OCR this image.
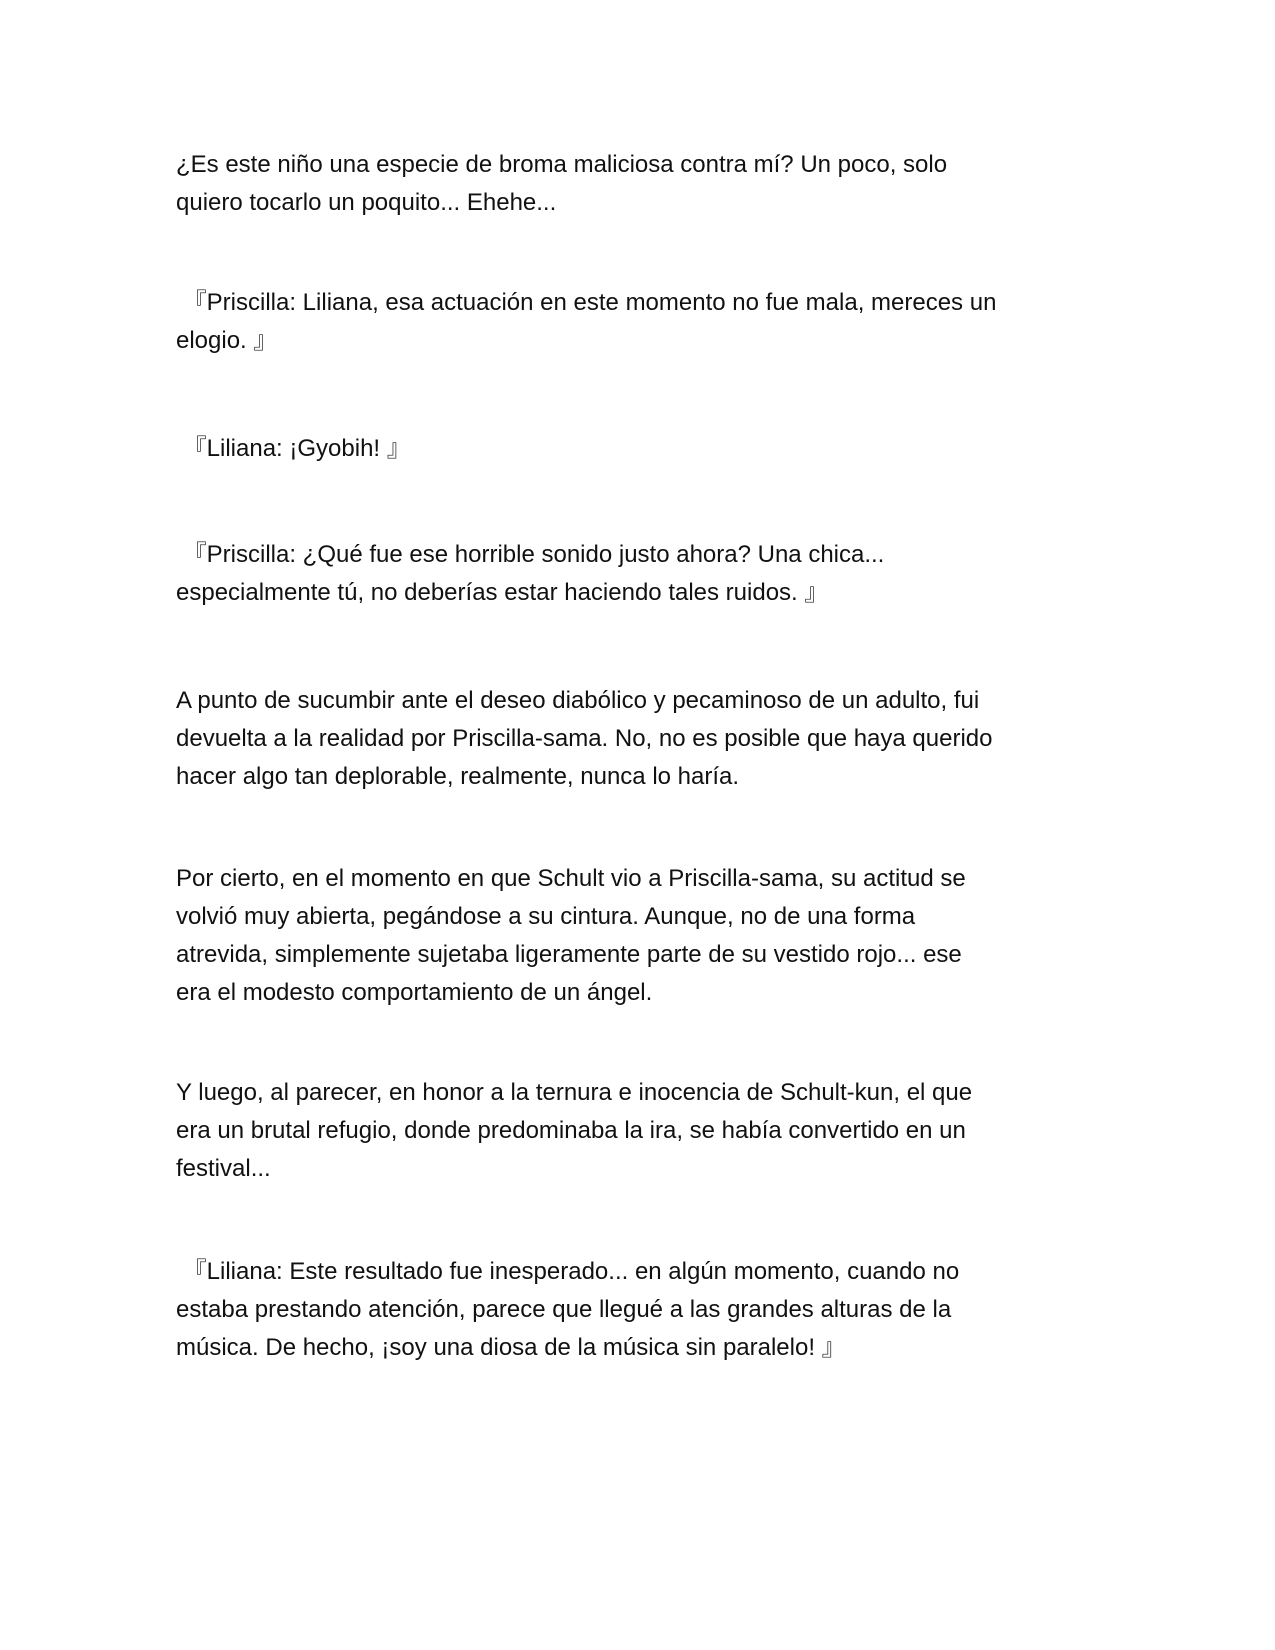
¿Es este niño una especie de broma maliciosa contra mí? Un poco, solo
quiero tocarlo un poquito... Ehehe...

『Priscilla: Liliana, esa actuación en este momento no fue mala, mereces un
elogio. 』

『Liliana: ¡Gyobih! 』

『Priscilla: ¿Qué fue ese horrible sonido justo ahora? Una chica...
especialmente tú, no deberías estar haciendo tales ruidos. 』

A punto de sucumbir ante el deseo diabólico y pecaminoso de un adulto, fui
devuelta a la realidad por Priscilla-sama. No, no es posible que haya querido
hacer algo tan deplorable, realmente, nunca lo haría.

Por cierto, en el momento en que Schult vio a Priscilla-sama, su actitud se
volvió muy abierta, pegándose a su cintura. Aunque, no de una forma
atrevida, simplemente sujetaba ligeramente parte de su vestido rojo... ese
era el modesto comportamiento de un ángel.

Y luego, al parecer, en honor a la ternura e inocencia de Schult-kun, el que
era un brutal refugio, donde predominaba la ira, se había convertido en un
festival...

『Liliana: Este resultado fue inesperado... en algún momento, cuando no
estaba prestando atención, parece que llegué a las grandes alturas de la
música. De hecho, ¡soy una diosa de la música sin paralelo! 』
